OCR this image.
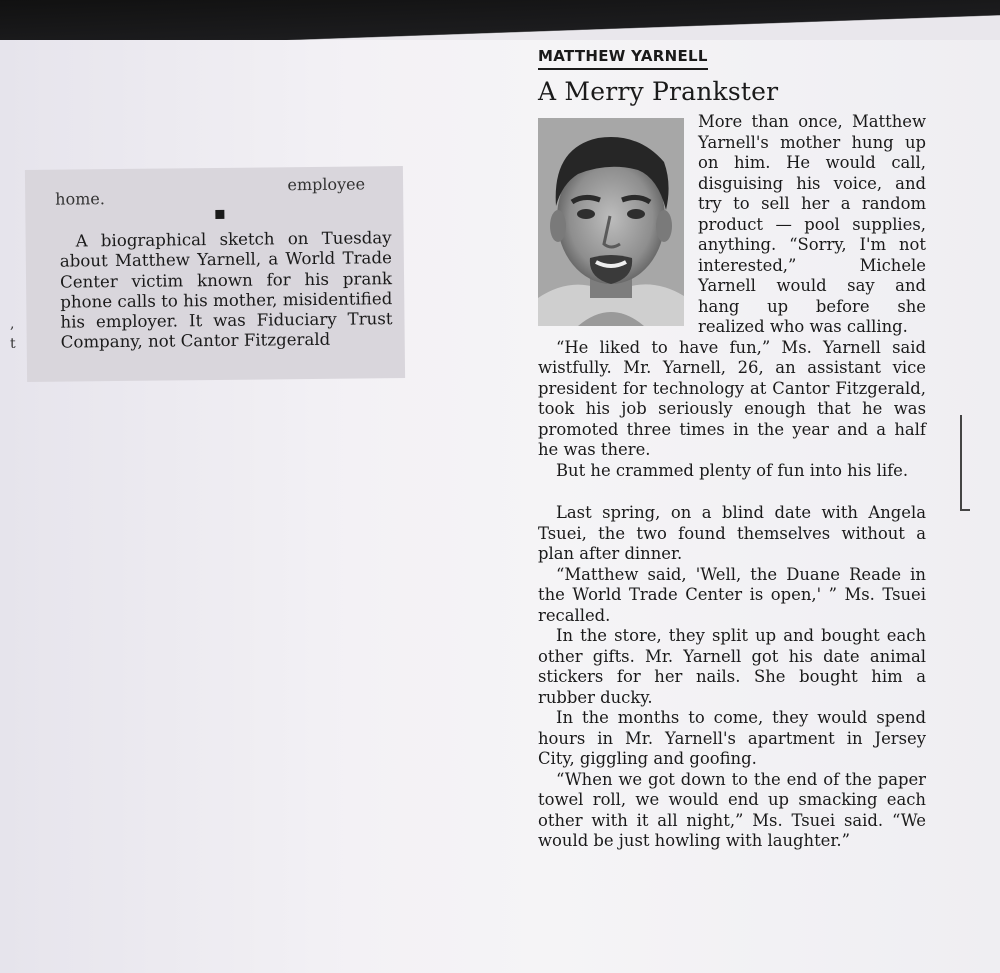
home.
employee

A biographical sketch on Tuesday about Matthew Yarnell, a World Trade Center victim known for his prank phone calls to his mother, misidentified his employer. It was Fiduciary Trust Company, not Cantor Fitzgerald

,
t
MATTHEW YARNELL
A Merry Prankster

More than once, Matthew Yarnell's mother hung up on him. He would call, disguising his voice, and try to sell her a random product — pool supplies, anything. “Sorry, I'm not interested,” Michele Yarnell would say and hang up before she realized who was calling.

“He liked to have fun,” Ms. Yarnell said wistfully. Mr. Yarnell, 26, an assistant vice president for technology at Cantor Fitzgerald, took his job seriously enough that he was promoted three times in the year and a half he was there.

But he crammed plenty of fun into his life.

Last spring, on a blind date with Angela Tsuei, the two found themselves without a plan after dinner.

“Matthew said, 'Well, the Duane Reade in the World Trade Center is open,' ” Ms. Tsuei recalled.

In the store, they split up and bought each other gifts. Mr. Yarnell got his date animal stickers for her nails. She bought him a rubber ducky.

In the months to come, they would spend hours in Mr. Yarnell's apartment in Jersey City, giggling and goofing.

“When we got down to the end of the paper towel roll, we would end up smacking each other with it all night,” Ms. Tsuei said. “We would be just howling with laughter.”
